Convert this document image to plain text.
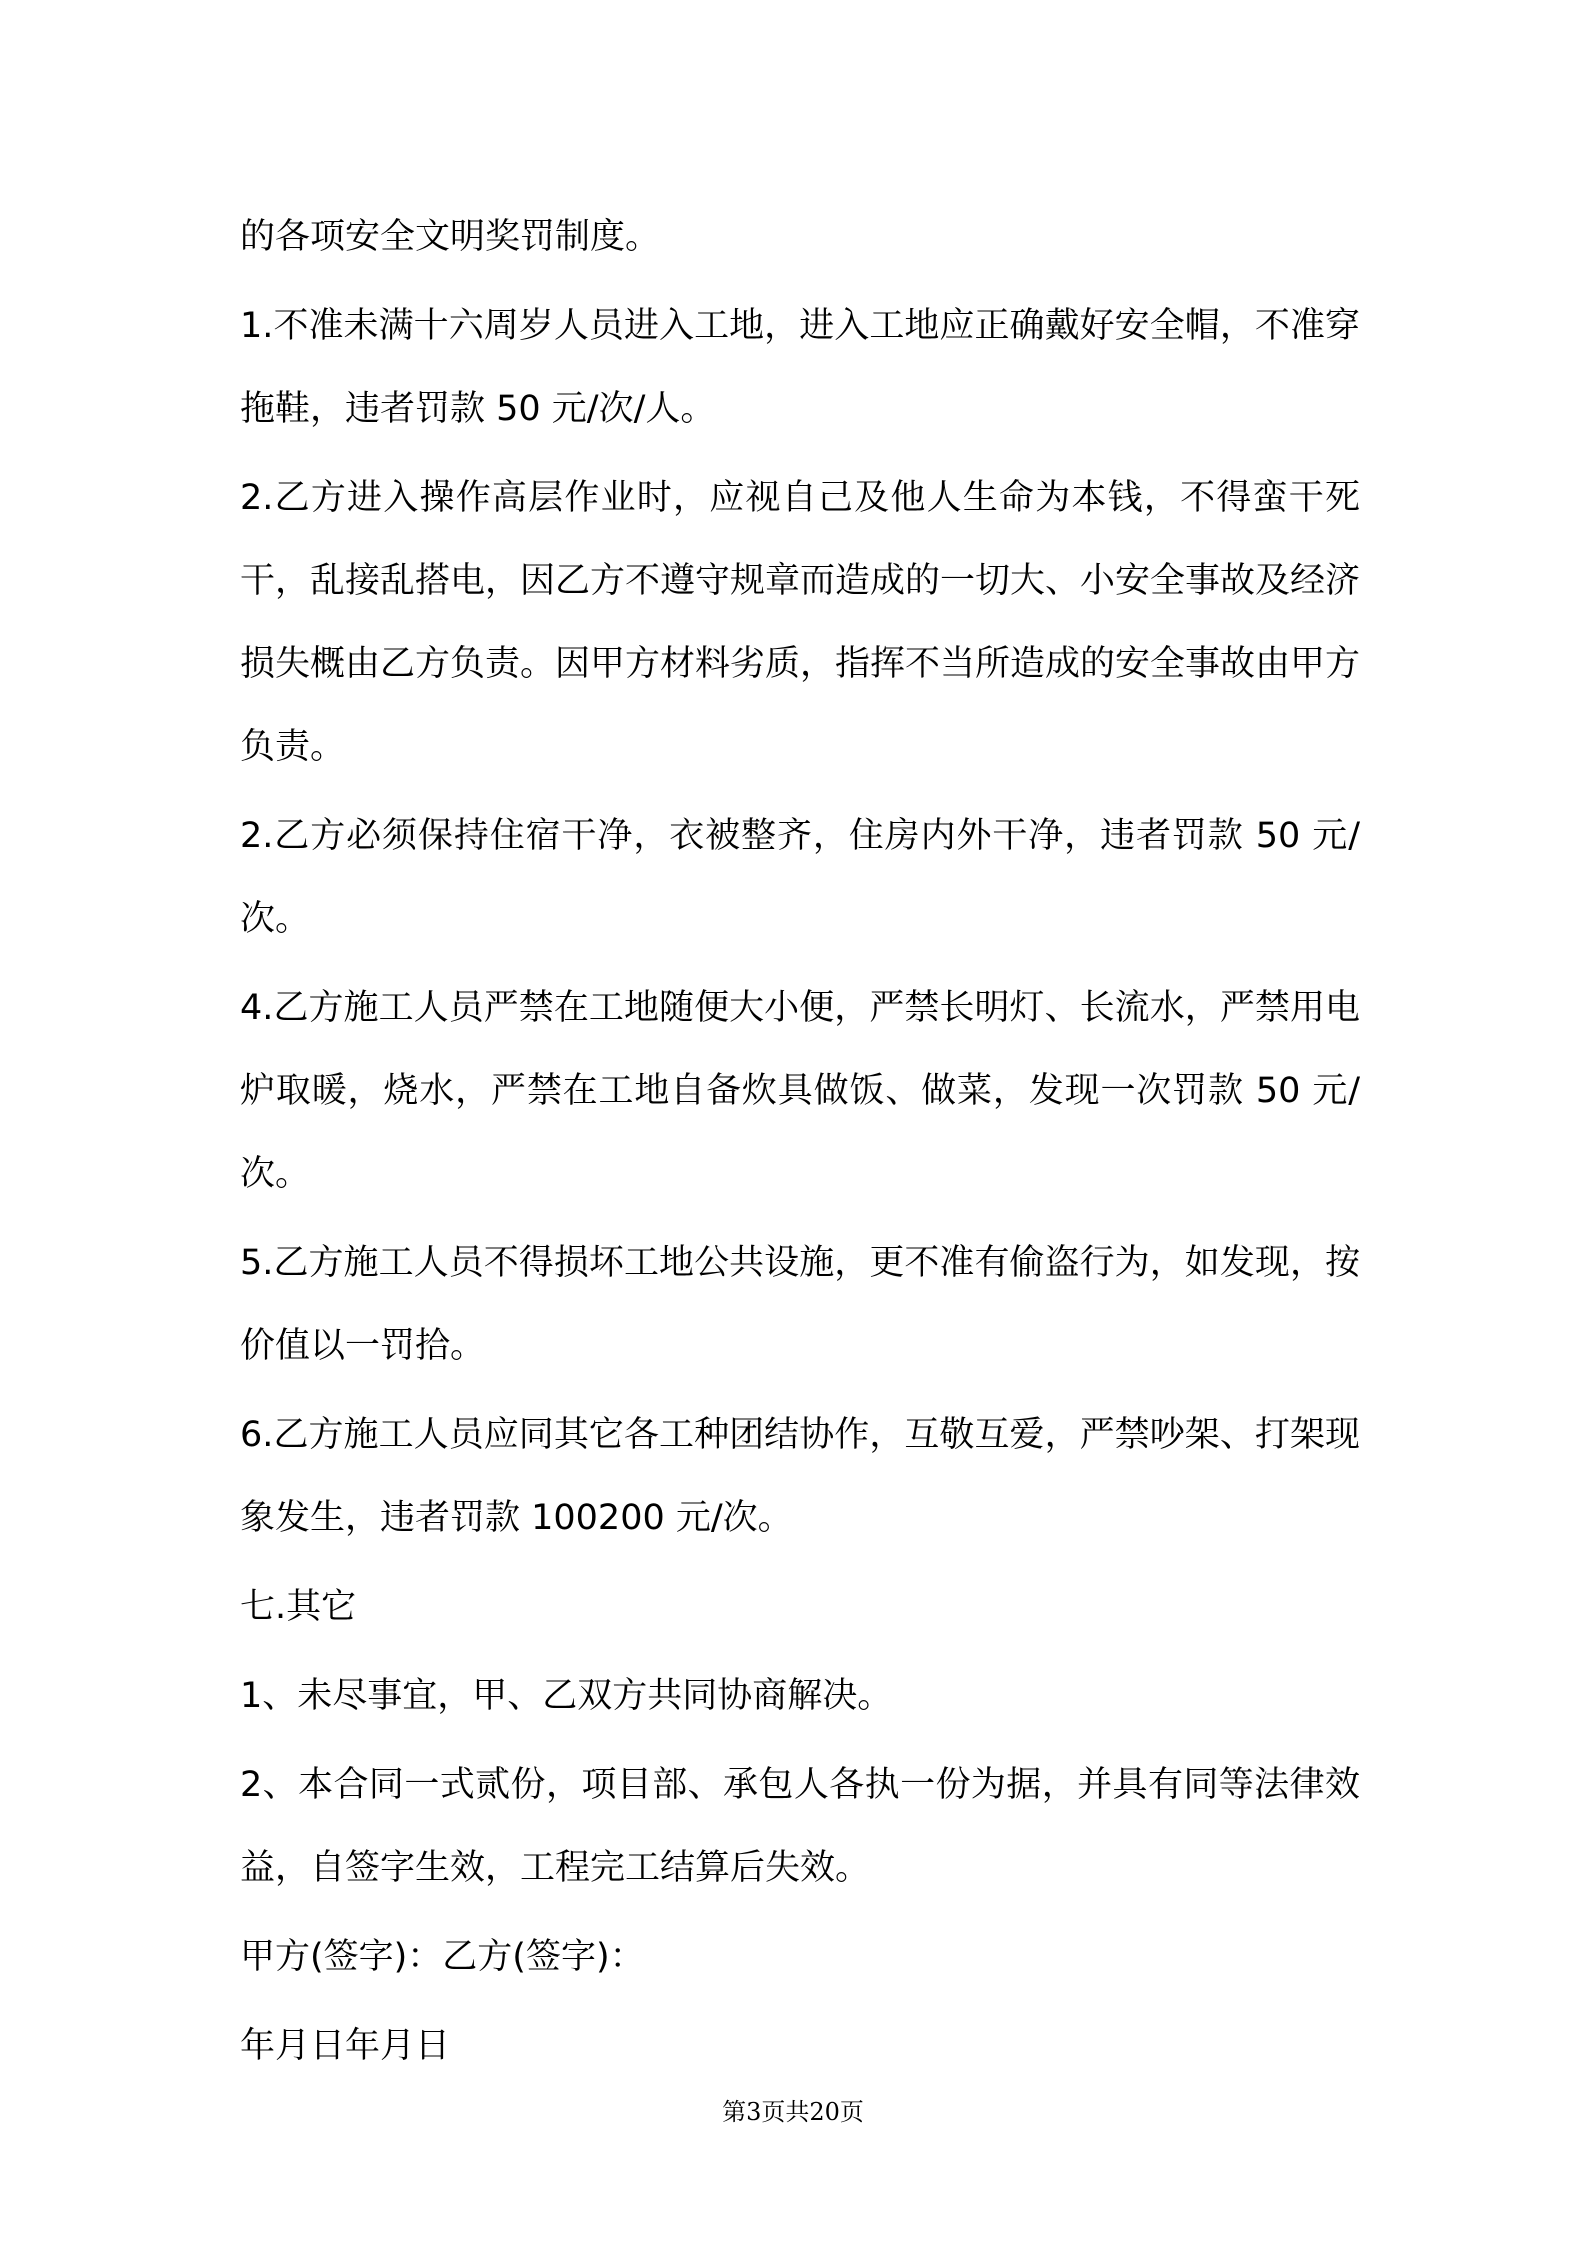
的各项安全文明奖罚制度。

1.不准未满十六周岁人员进入工地，进入工地应正确戴好安全帽，不准穿拖鞋，违者罚款 50 元/次/人。

2.乙方进入操作高层作业时，应视自己及他人生命为本钱，不得蛮干死干，乱接乱搭电，因乙方不遵守规章而造成的一切大、小安全事故及经济损失概由乙方负责。因甲方材料劣质，指挥不当所造成的安全事故由甲方负责。

2.乙方必须保持住宿干净，衣被整齐，住房内外干净，违者罚款 50 元/次。

4.乙方施工人员严禁在工地随便大小便，严禁长明灯、长流水，严禁用电炉取暖，烧水，严禁在工地自备炊具做饭、做菜，发现一次罚款 50 元/次。

5.乙方施工人员不得损坏工地公共设施，更不准有偷盗行为，如发现，按价值以一罚拾。

6.乙方施工人员应同其它各工种团结协作，互敬互爱，严禁吵架、打架现象发生，违者罚款 100200 元/次。

七.其它

1、未尽事宜，甲、乙双方共同协商解决。

2、本合同一式贰份，项目部、承包人各执一份为据，并具有同等法律效益，自签字生效，工程完工结算后失效。

甲方(签字)：乙方(签字)：

年月日年月日

第3页共20页
